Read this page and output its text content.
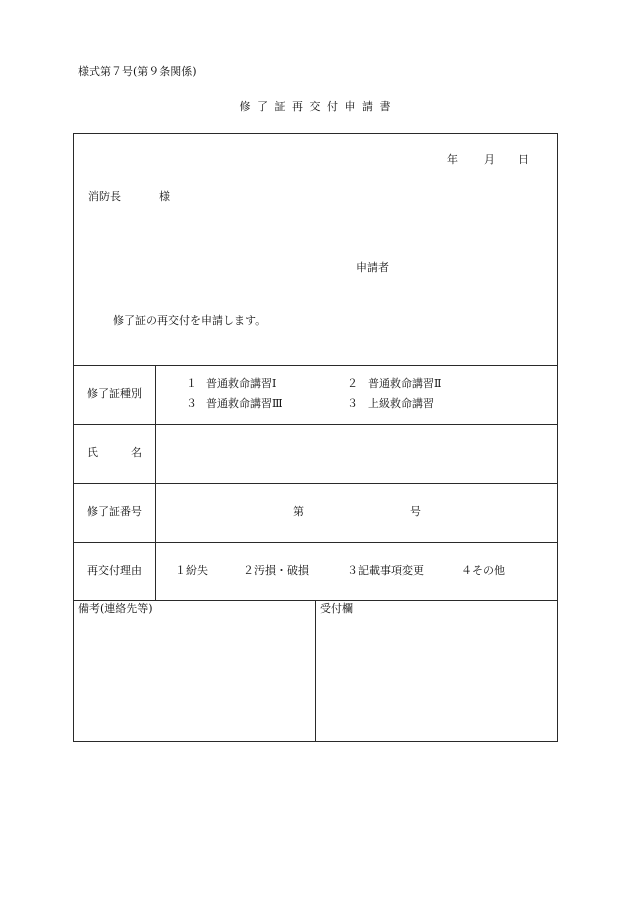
様式第７号(第９条関係)
修了証再交付申請書
年 月 日
消防長	様
申請者
修了証の再交付を申請します。
修了証種別
１ 普通救命講習Ⅰ	２ 普通救命講習Ⅱ
３ 普通救命講習Ⅲ	３ 上級救命講習
氏　　　名
修了証番号	第	号
再交付理由	１紛失	２汚損・破損	３記載事項変更	４その他
備考(連絡先等)	受付欄
